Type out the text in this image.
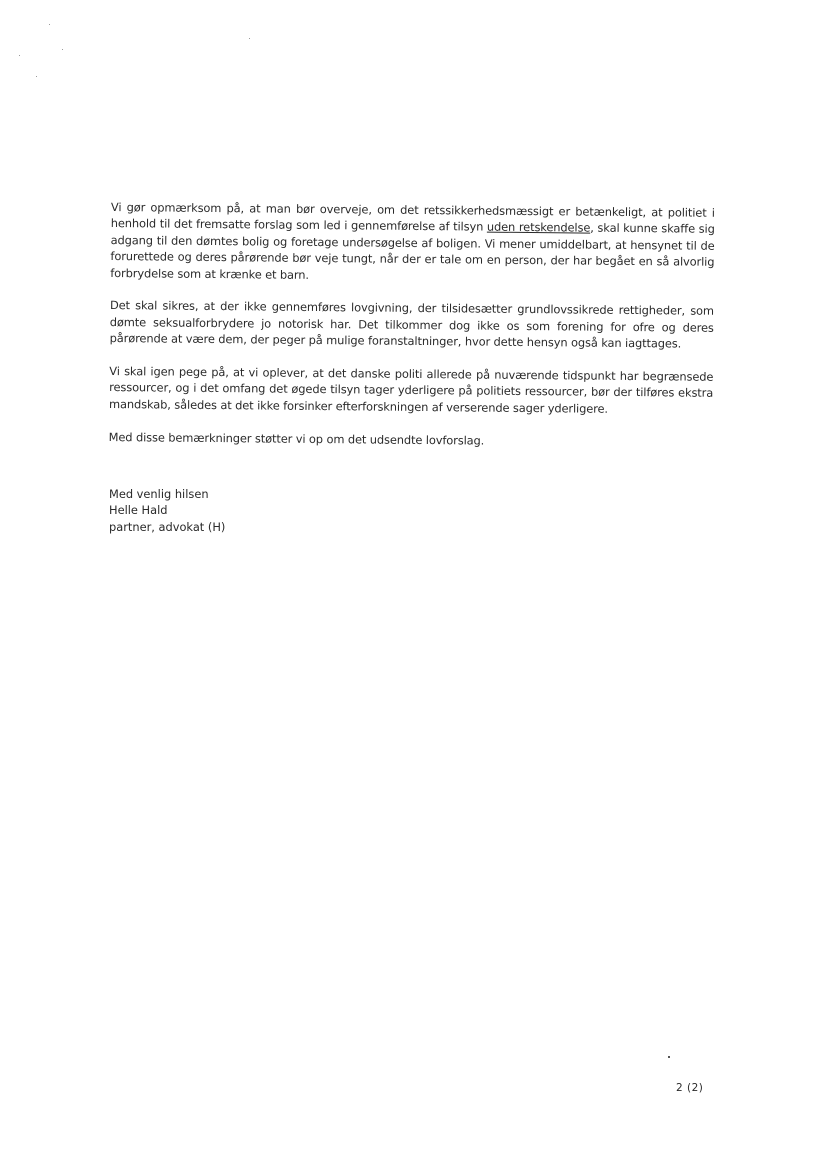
Vi gør opmærksom på, at man bør overveje, om det retssikkerhedsmæssigt er betænkeligt, at politiet i henhold til det fremsatte forslag som led i gennemførelse af tilsyn uden retskendelse, skal kunne skaffe sig adgang til den dømtes bolig og foretage undersøgelse af boligen. Vi mener umiddelbart, at hensynet til de forurettede og deres pårørende bør veje tungt, når der er tale om en person, der har begået en så alvorlig forbrydelse som at krænke et barn.

Det skal sikres, at der ikke gennemføres lovgivning, der tilsidesætter grundlovssikrede rettigheder, som dømte seksualforbrydere jo notorisk har. Det tilkommer dog ikke os som forening for ofre og deres pårørende at være dem, der peger på mulige foranstaltninger, hvor dette hensyn også kan iagttages.

Vi skal igen pege på, at vi oplever, at det danske politi allerede på nuværende tidspunkt har begrænsede ressourcer, og i det omfang det øgede tilsyn tager yderligere på politiets ressourcer, bør der tilføres ekstra mandskab, således at det ikke forsinker efterforskningen af verserende sager yderligere.

Med disse bemærkninger støtter vi op om det udsendte lovforslag.

Med venlig hilsen
Helle Hald
partner, advokat (H)
2 (2)
